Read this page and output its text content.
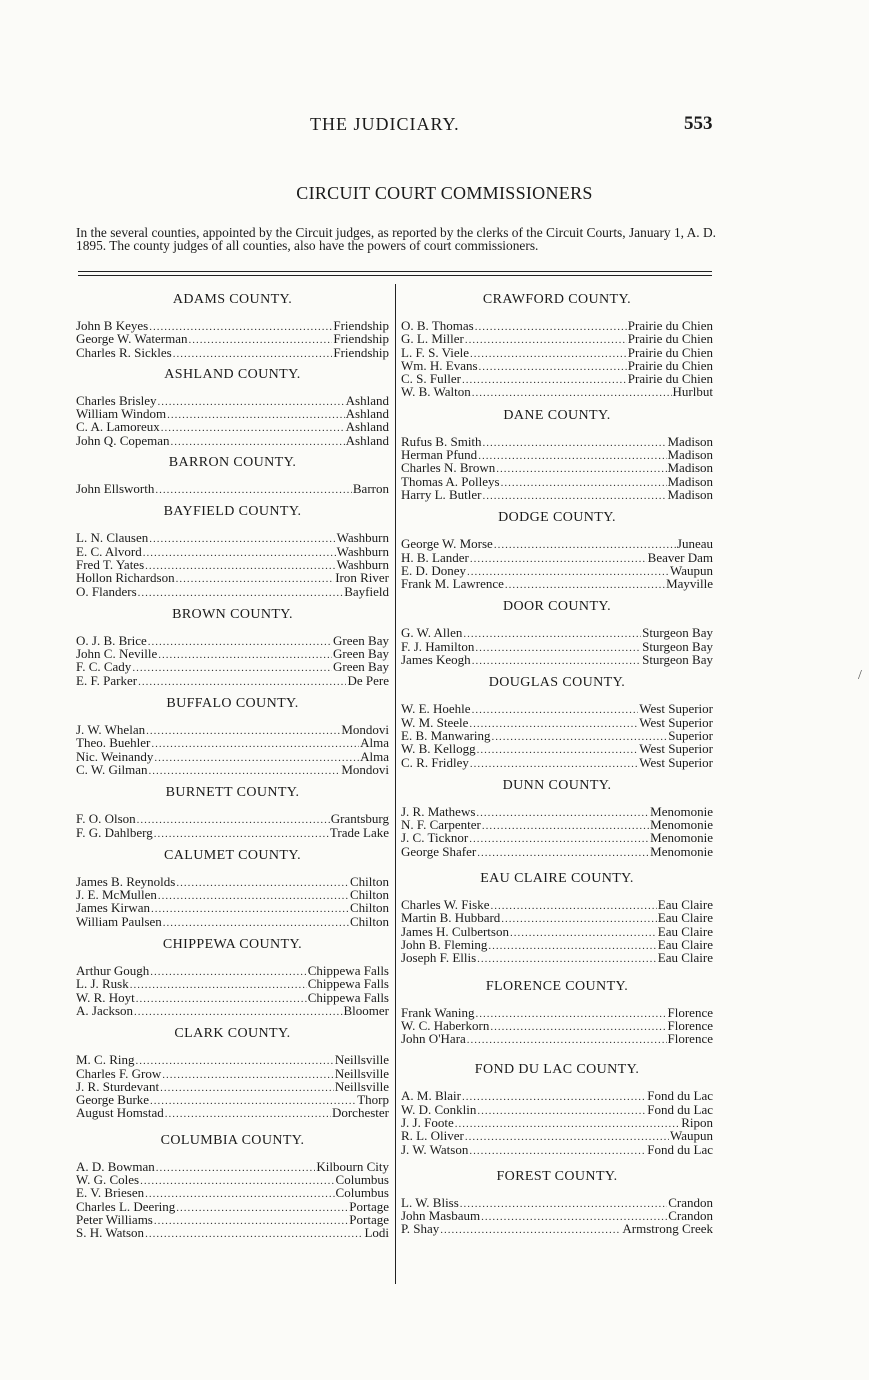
THE JUDICIARY.	553
CIRCUIT COURT COMMISSIONERS
In the several counties, appointed by the Circuit judges, as reported by the clerks of the Circuit Courts, January 1, A. D. 1895. The county judges of all counties, also have the powers of court commissioners.
ADAMS COUNTY.
John B Keyes .....	Friendship
George W. Waterman .....	Friendship
Charles R. Sickles .....	Friendship
ASHLAND COUNTY.
Charles Brisley .....	Ashland
William Windom .....	Ashland
C. A. Lamoreux .....	Ashland
John Q. Copeman .....	Ashland
BARRON COUNTY.
John Ellsworth .....	Barron
BAYFIELD COUNTY.
L. N. Clausen .....	Washburn
E. C. Alvord .....	Washburn
Fred T. Yates .....	Washburn
Hollon Richardson .....	Iron River
O. Flanders .....	Bayfield
BROWN COUNTY.
O. J. B. Brice .....	Green Bay
John C. Neville .....	Green Bay
F. C. Cady .....	Green Bay
E. F. Parker .....	De Pere
BUFFALO COUNTY.
J. W. Whelan .....	Mondovi
Theo. Buehler .....	Alma
Nic. Weinandy .....	Alma
C. W. Gilman .....	Mondovi
BURNETT COUNTY.
F. O. Olson .....	Grantsburg
F. G. Dahlberg .....	Trade Lake
CALUMET COUNTY.
James B. Reynolds .....	Chilton
J. E. McMullen .....	Chilton
James Kirwan .....	Chilton
William Paulsen .....	Chilton
CHIPPEWA COUNTY.
Arthur Gough .....	Chippewa Falls
L. J. Rusk .....	Chippewa Falls
W. R. Hoyt .....	Chippewa Falls
A. Jackson .....	Bloomer
CLARK COUNTY.
M. C. Ring .....	Neillsville
Charles F. Grow .....	Neillsville
J. R. Sturdevant .....	Neillsville
George Burke .....	Thorp
August Homstad .....	Dorchester
COLUMBIA COUNTY.
A. D. Bowman .....	Kilbourn City
W. G. Coles .....	Columbus
E. V. Briesen .....	Columbus
Charles L. Deering .....	Portage
Peter Williams .....	Portage
S. H. Watson .....	Lodi
CRAWFORD COUNTY.
O. B. Thomas .....	Prairie du Chien
G. L. Miller .....	Prairie du Chien
L. F. S. Viele .....	Prairie du Chien
Wm. H. Evans .....	Prairie du Chien
C. S. Fuller .....	Prairie du Chien
W. B. Walton .....	Hurlbut
DANE COUNTY.
Rufus B. Smith .....	Madison
Herman Pfund .....	Madison
Charles N. Brown .....	Madison
Thomas A. Polleys .....	Madison
Harry L. Butler .....	Madison
DODGE COUNTY.
George W. Morse .....	Juneau
H. B. Lander .....	Beaver Dam
E. D. Doney .....	Waupun
Frank M. Lawrence .....	Mayville
DOOR COUNTY.
G. W. Allen .....	Sturgeon Bay
F. J. Hamilton .....	Sturgeon Bay
James Keogh .....	Sturgeon Bay
DOUGLAS COUNTY.
W. E. Hoehle .....	West Superior
W. M. Steele .....	West Superior
E. B. Manwaring .....	Superior
W. B. Kellogg .....	West Superior
C. R. Fridley .....	West Superior
DUNN COUNTY.
J. R. Mathews .....	Menomonie
N. F. Carpenter .....	Menomonie
J. C. Ticknor .....	Menomonie
George Shafer .....	Menomonie
EAU CLAIRE COUNTY.
Charles W. Fiske .....	Eau Claire
Martin B. Hubbard .....	Eau Claire
James H. Culbertson .....	Eau Claire
John B. Fleming .....	Eau Claire
Joseph F. Ellis .....	Eau Claire
FLORENCE COUNTY.
Frank Waning .....	Florence
W. C. Haberkorn .....	Florence
John O'Hara .....	Florence
FOND DU LAC COUNTY.
A. M. Blair .....	Fond du Lac
W. D. Conklin .....	Fond du Lac
J. J. Foote .....	Ripon
R. L. Oliver .....	Waupun
J. W. Watson .....	Fond du Lac
FOREST COUNTY.
L. W. Bliss .....	Crandon
John Masbaum .....	Crandon
P. Shay .....	Armstrong Creek
/
